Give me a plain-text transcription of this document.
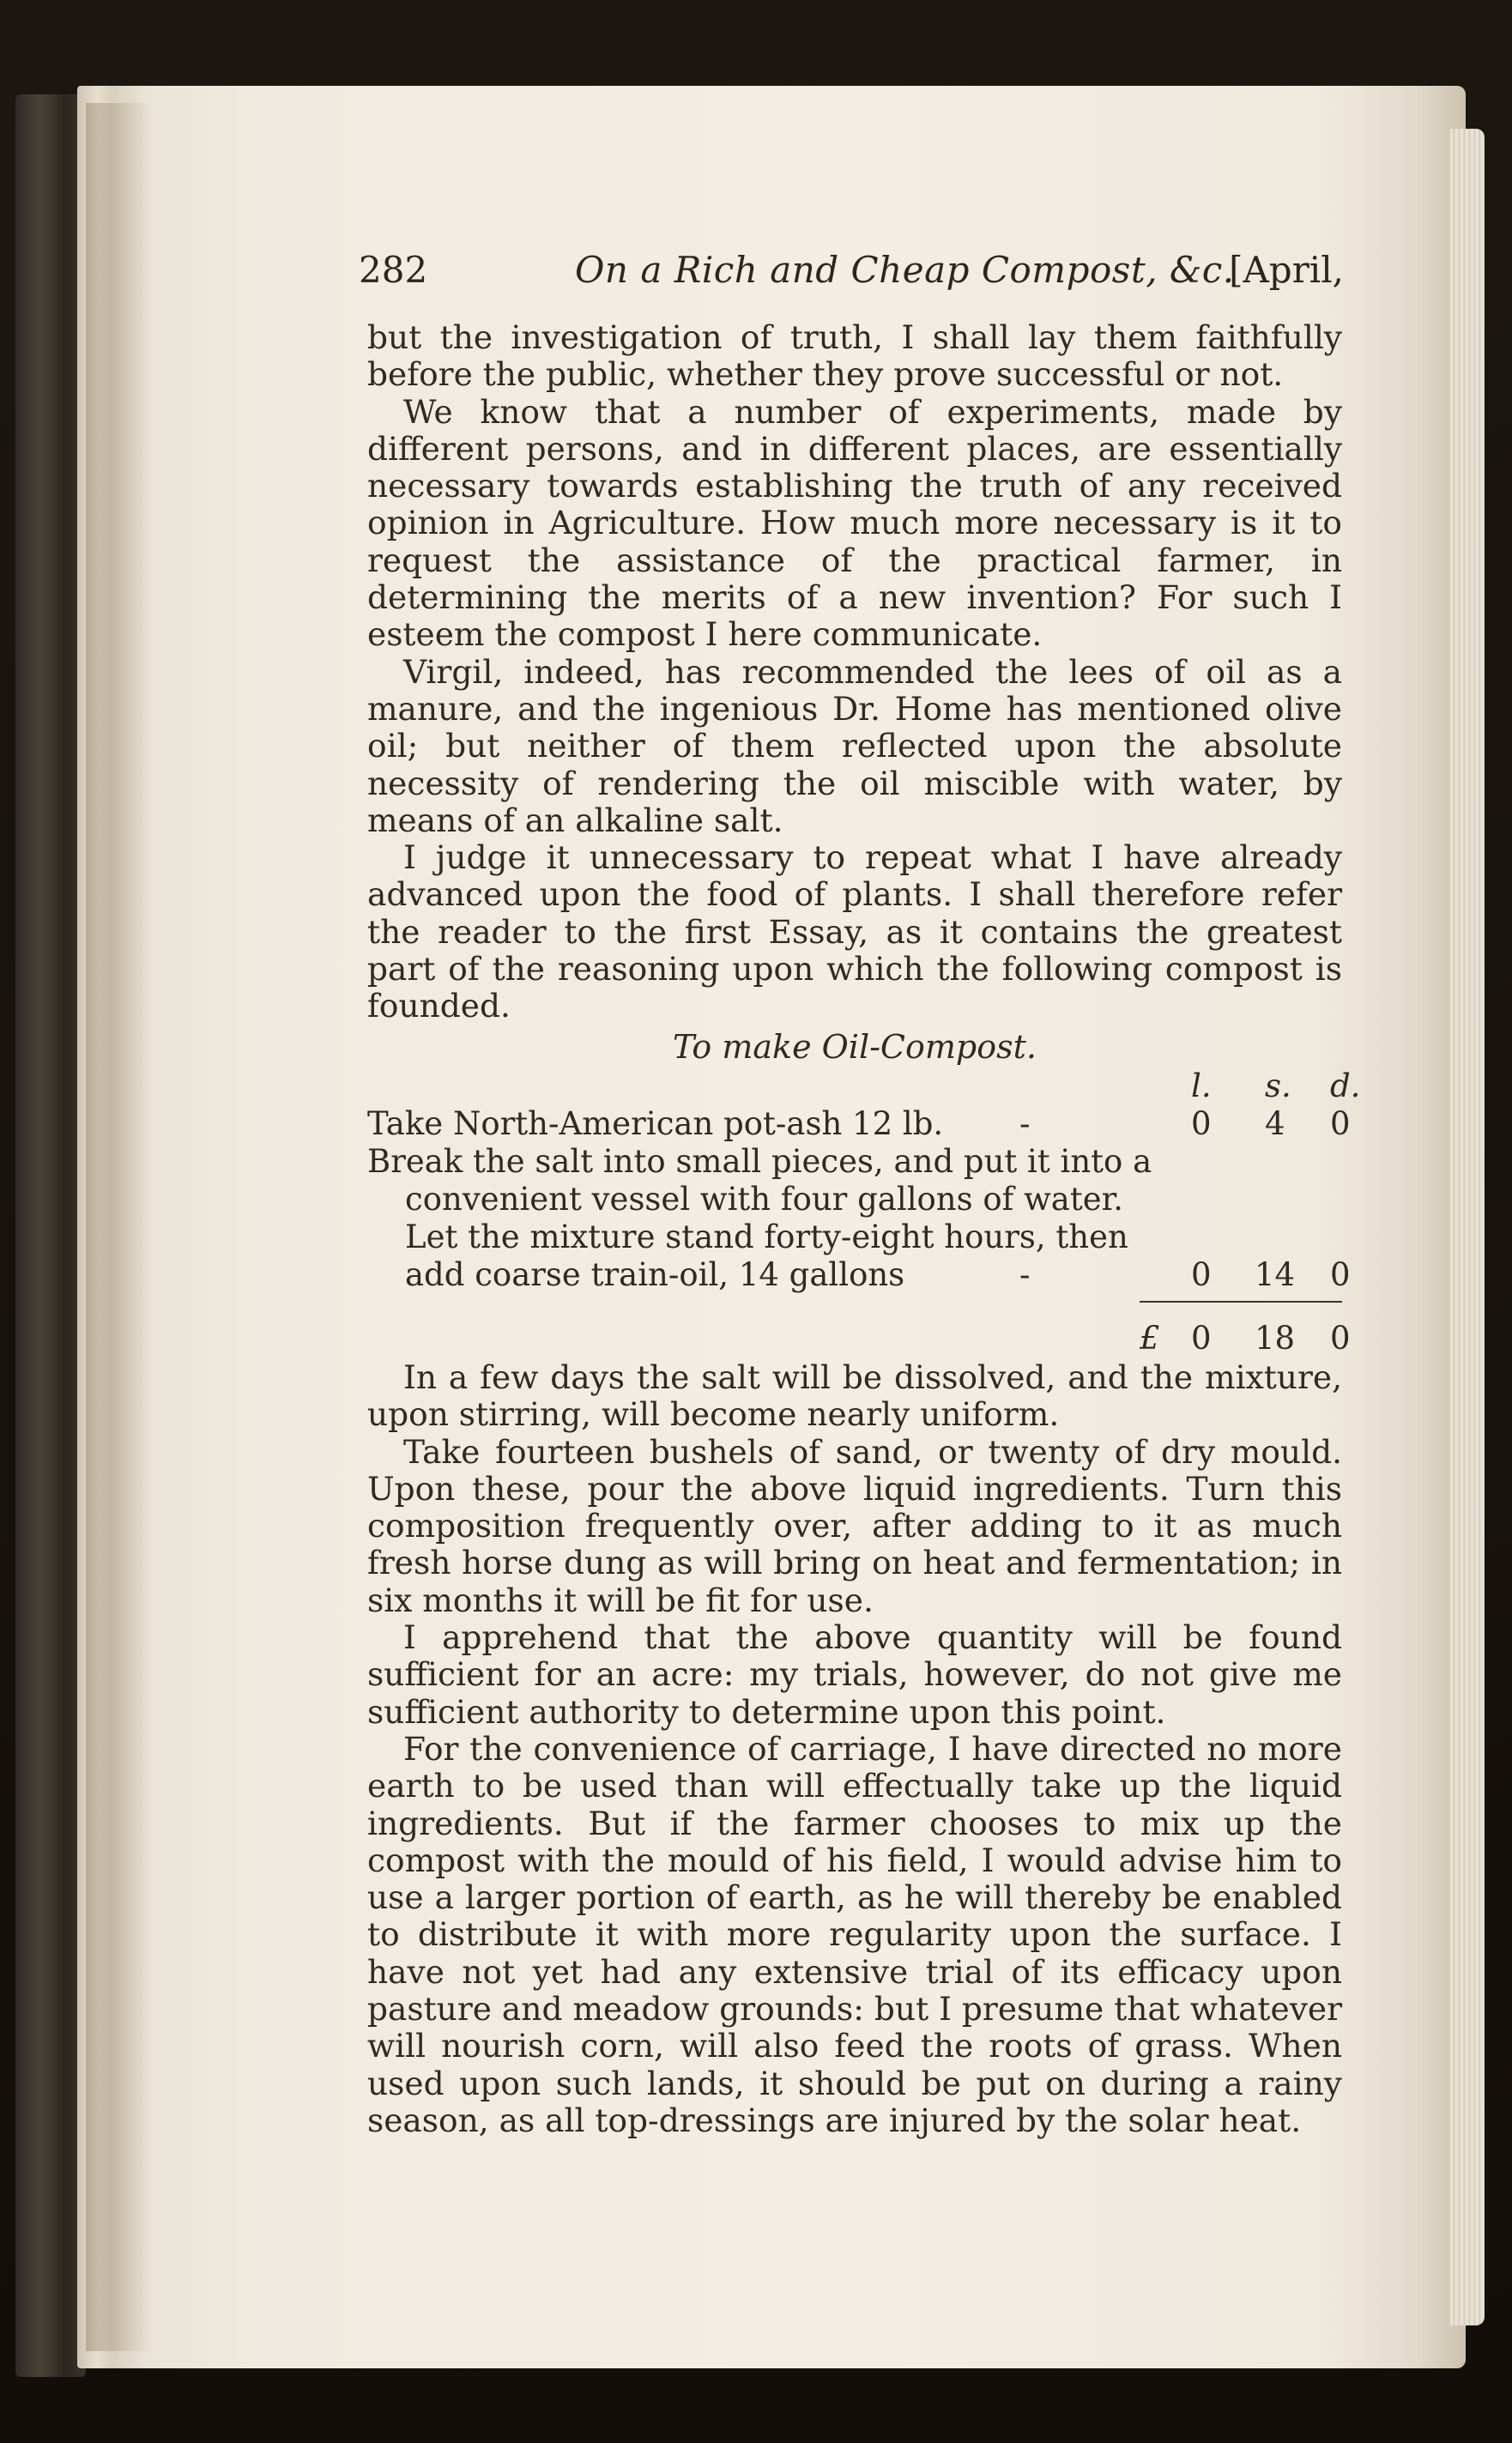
282	On a Rich and Cheap Compost, &c.
[April,

but the investigation of truth, I shall lay them faithfully before the public, whether they prove successful or not.

We know that a number of experiments, made by different persons, and in different places, are essentially necessary towards establishing the truth of any received opinion in Agriculture. How much more necessary is it to request the assistance of the practical farmer, in determining the merits of a new invention? For such I esteem the compost I here communicate.

Virgil, indeed, has recommended the lees of oil as a manure, and the ingenious Dr. Home has mentioned olive oil; but neither of them reflected upon the absolute necessity of rendering the oil miscible with water, by means of an alkaline salt.

I judge it unnecessary to repeat what I have already advanced upon the food of plants. I shall therefore refer the reader to the first Essay, as it contains the greatest part of the reasoning upon which the following compost is founded.

To make Oil-Compost.
l. s. d.
Take North-American pot-ash 12 lb. -	0 4 0
Break the salt into small pieces, and put it into a
convenient vessel with four gallons of water.
Let the mixture stand forty-eight hours, then
add coarse train-oil, 14 gallons	-	0 14 0
£ 0 18 0

In a few days the salt will be dissolved, and the mixture, upon stirring, will become nearly uniform.

Take fourteen bushels of sand, or twenty of dry mould. Upon these, pour the above liquid ingredients. Turn this composition frequently over, after adding to it as much fresh horse dung as will bring on heat and fermentation; in six months it will be fit for use.

I apprehend that the above quantity will be found sufficient for an acre: my trials, however, do not give me sufficient authority to determine upon this point.

For the convenience of carriage, I have directed no more earth to be used than will effectually take up the liquid ingredients. But if the farmer chooses to mix up the compost with the mould of his field, I would advise him to use a larger portion of earth, as he will thereby be enabled to distribute it with more regularity upon the surface. I have not yet had any extensive trial of its efficacy upon pasture and meadow grounds: but I presume that whatever will nourish corn, will also feed the roots of grass. When used upon such lands, it should be put on during a rainy season, as all top-dressings are injured by the solar heat.
